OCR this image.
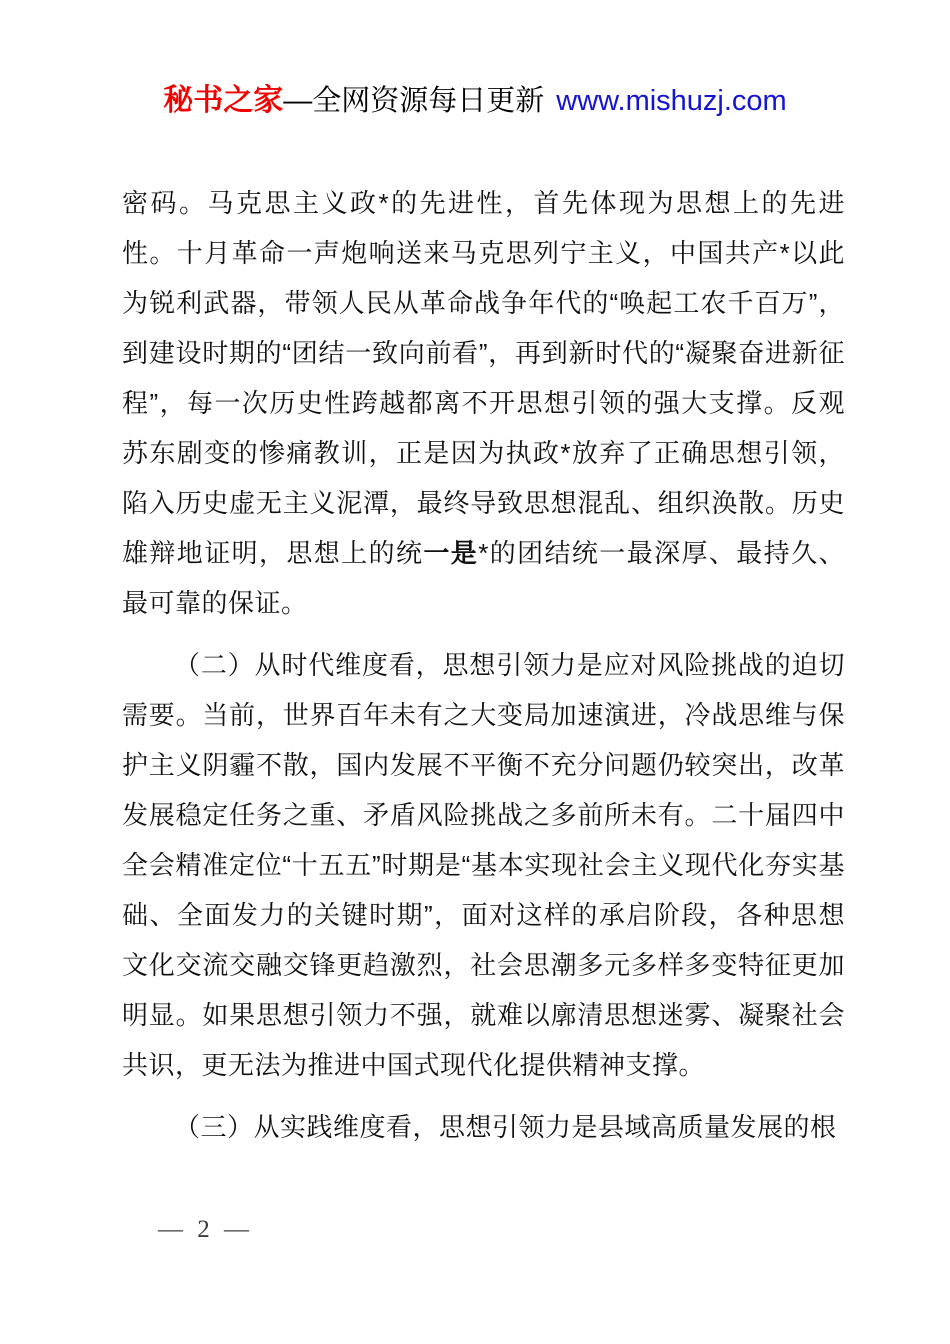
秘书之家—全网资源每日更新 www.mishuzj.com

密码。马克思主义政*的先进性，首先体现为思想上的先进性。十月革命一声炮响送来马克思列宁主义，中国共产*以此为锐利武器，带领人民从革命战争年代的“唤起工农千百万”，到建设时期的“团结一致向前看”，再到新时代的“凝聚奋进新征程”，每一次历史性跨越都离不开思想引领的强大支撑。反观苏东剧变的惨痛教训，正是因为执政*放弃了正确思想引领，陷入历史虚无主义泥潭，最终导致思想混乱、组织涣散。历史雄辩地证明，思想上的统一是*的团结统一最深厚、最持久、最可靠的保证。

（二）从时代维度看，思想引领力是应对风险挑战的迫切需要。当前，世界百年未有之大变局加速演进，冷战思维与保护主义阴霾不散，国内发展不平衡不充分问题仍较突出，改革发展稳定任务之重、矛盾风险挑战之多前所未有。二十届四中全会精准定位“十五五”时期是“基本实现社会主义现代化夯实基础、全面发力的关键时期”，面对这样的承启阶段，各种思想文化交流交融交锋更趋激烈，社会思潮多元多样多变特征更加明显。如果思想引领力不强，就难以廓清思想迷雾、凝聚社会共识，更无法为推进中国式现代化提供精神支撑。

（三）从实践维度看，思想引领力是县域高质量发展的根

— 2 —
